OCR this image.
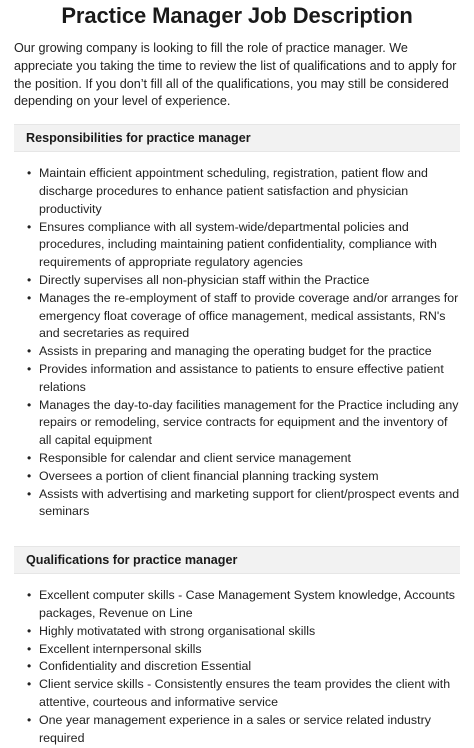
Practice Manager Job Description

Our growing company is looking to fill the role of practice manager. We appreciate you taking the time to review the list of qualifications and to apply for the position. If you don’t fill all of the qualifications, you may still be considered depending on your level of experience.

Responsibilities for practice manager
• Maintain efficient appointment scheduling, registration, patient flow and discharge procedures to enhance patient satisfaction and physician productivity
• Ensures compliance with all system-wide/departmental policies and procedures, including maintaining patient confidentiality, compliance with requirements of appropriate regulatory agencies
• Directly supervises all non-physician staff within the Practice
• Manages the re-employment of staff to provide coverage and/or arranges for emergency float coverage of office management, medical assistants, RN's and secretaries as required
• Assists in preparing and managing the operating budget for the practice
• Provides information and assistance to patients to ensure effective patient relations
• Manages the day-to-day facilities management for the Practice including any repairs or remodeling, service contracts for equipment and the inventory of all capital equipment
• Responsible for calendar and client service management
• Oversees a portion of client financial planning tracking system
• Assists with advertising and marketing support for client/prospect events and seminars
Qualifications for practice manager
• Excellent computer skills - Case Management System knowledge, Accounts packages, Revenue on Line
• Highly motivatated with strong organisational skills
• Excellent internpersonal skills
• Confidentiality and discretion Essential
• Client service skills - Consistently ensures the team provides the client with attentive, courteous and informative service
• One year management experience in a sales or service related industry required
